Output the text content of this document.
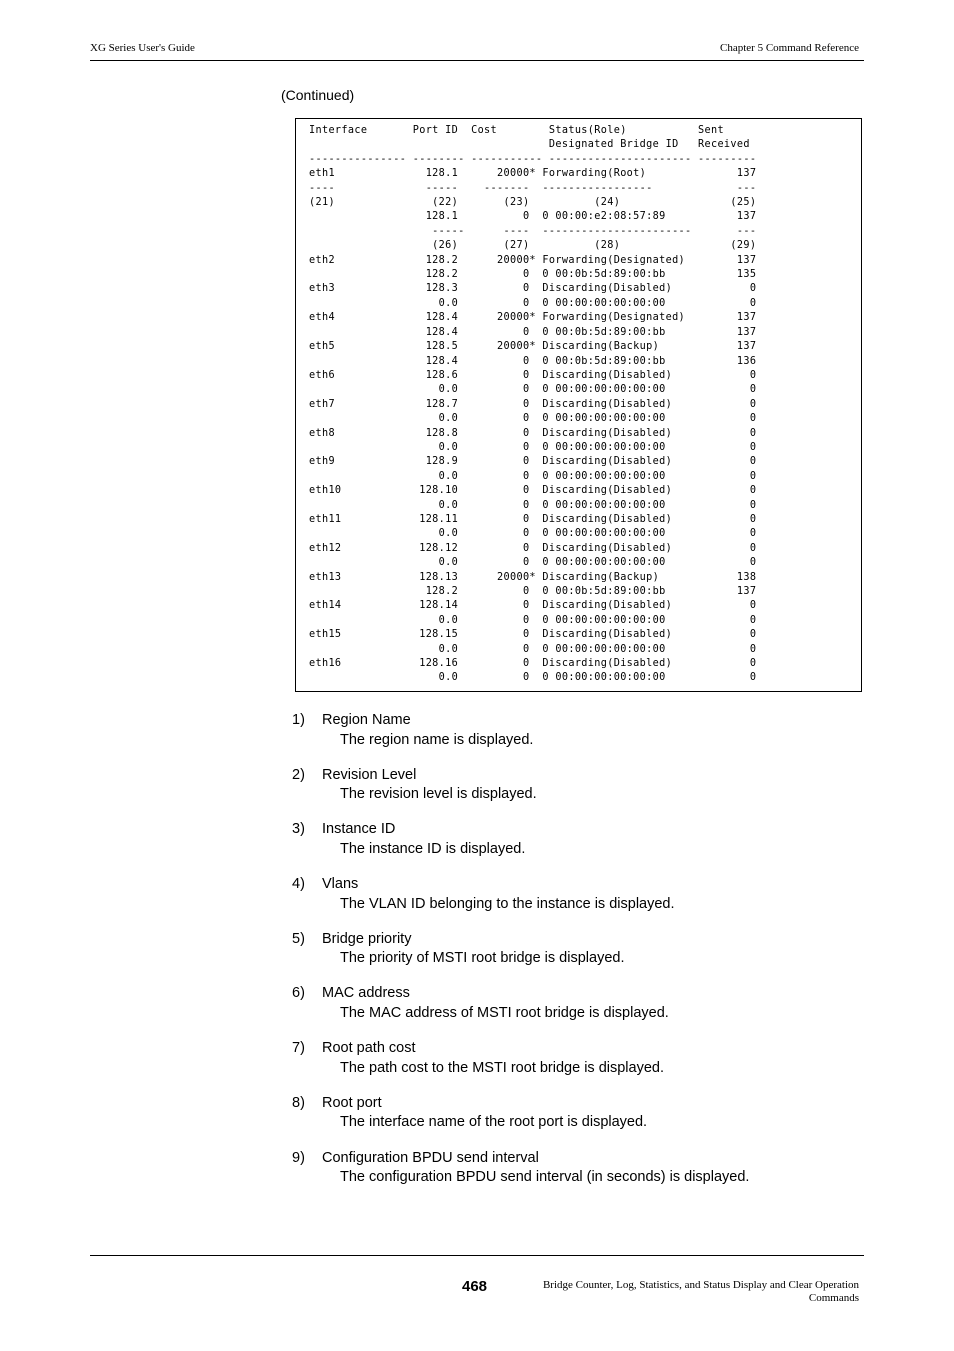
XG Series User's Guide	Chapter 5 Command Reference
(Continued)
Interface       Port ID  Cost        Status(Role)           Sent
Designated Bridge ID   Received
--------------- -------- ----------- ---------------------- ---------
eth1              128.1      20000* Forwarding(Root)              137
----              -----    -------  -----------------             ---
(21)               (22)       (23)          (24)                 (25)
128.1          0  0 00:00:e2:08:57:89           137
-----      ----  -----------------------       ---
(26)       (27)          (28)                 (29)
eth2              128.2      20000* Forwarding(Designated)        137
128.2          0  0 00:0b:5d:89:00:bb           135
eth3              128.3          0  Discarding(Disabled)            0
0.0          0  0 00:00:00:00:00:00             0
eth4              128.4      20000* Forwarding(Designated)        137
128.4          0  0 00:0b:5d:89:00:bb           137
eth5              128.5      20000* Discarding(Backup)            137
128.4          0  0 00:0b:5d:89:00:bb           136
eth6              128.6          0  Discarding(Disabled)            0
0.0          0  0 00:00:00:00:00:00             0
eth7              128.7          0  Discarding(Disabled)            0
0.0          0  0 00:00:00:00:00:00             0
eth8              128.8          0  Discarding(Disabled)            0
0.0          0  0 00:00:00:00:00:00             0
eth9              128.9          0  Discarding(Disabled)            0
0.0          0  0 00:00:00:00:00:00             0
eth10            128.10          0  Discarding(Disabled)            0
0.0          0  0 00:00:00:00:00:00             0
eth11            128.11          0  Discarding(Disabled)            0
0.0          0  0 00:00:00:00:00:00             0
eth12            128.12          0  Discarding(Disabled)            0
0.0          0  0 00:00:00:00:00:00             0
eth13            128.13      20000* Discarding(Backup)            138
128.2          0  0 00:0b:5d:89:00:bb           137
eth14            128.14          0  Discarding(Disabled)            0
0.0          0  0 00:00:00:00:00:00             0
eth15            128.15          0  Discarding(Disabled)            0
0.0          0  0 00:00:00:00:00:00             0
eth16            128.16          0  Discarding(Disabled)            0
0.0          0  0 00:00:00:00:00:00             0

1) Region Name
The region name is displayed.
2) Revision Level
The revision level is displayed.
3) Instance ID
The instance ID is displayed.
4) Vlans
The VLAN ID belonging to the instance is displayed.
5) Bridge priority
The priority of MSTI root bridge is displayed.
6) MAC address
The MAC address of MSTI root bridge is displayed.
7) Root path cost
The path cost to the MSTI root bridge is displayed.
8) Root port
The interface name of the root port is displayed.
9) Configuration BPDU send interval
The configuration BPDU send interval (in seconds) is displayed.
468	Bridge Counter, Log, Statistics, and Status Display and Clear Operation
Commands
